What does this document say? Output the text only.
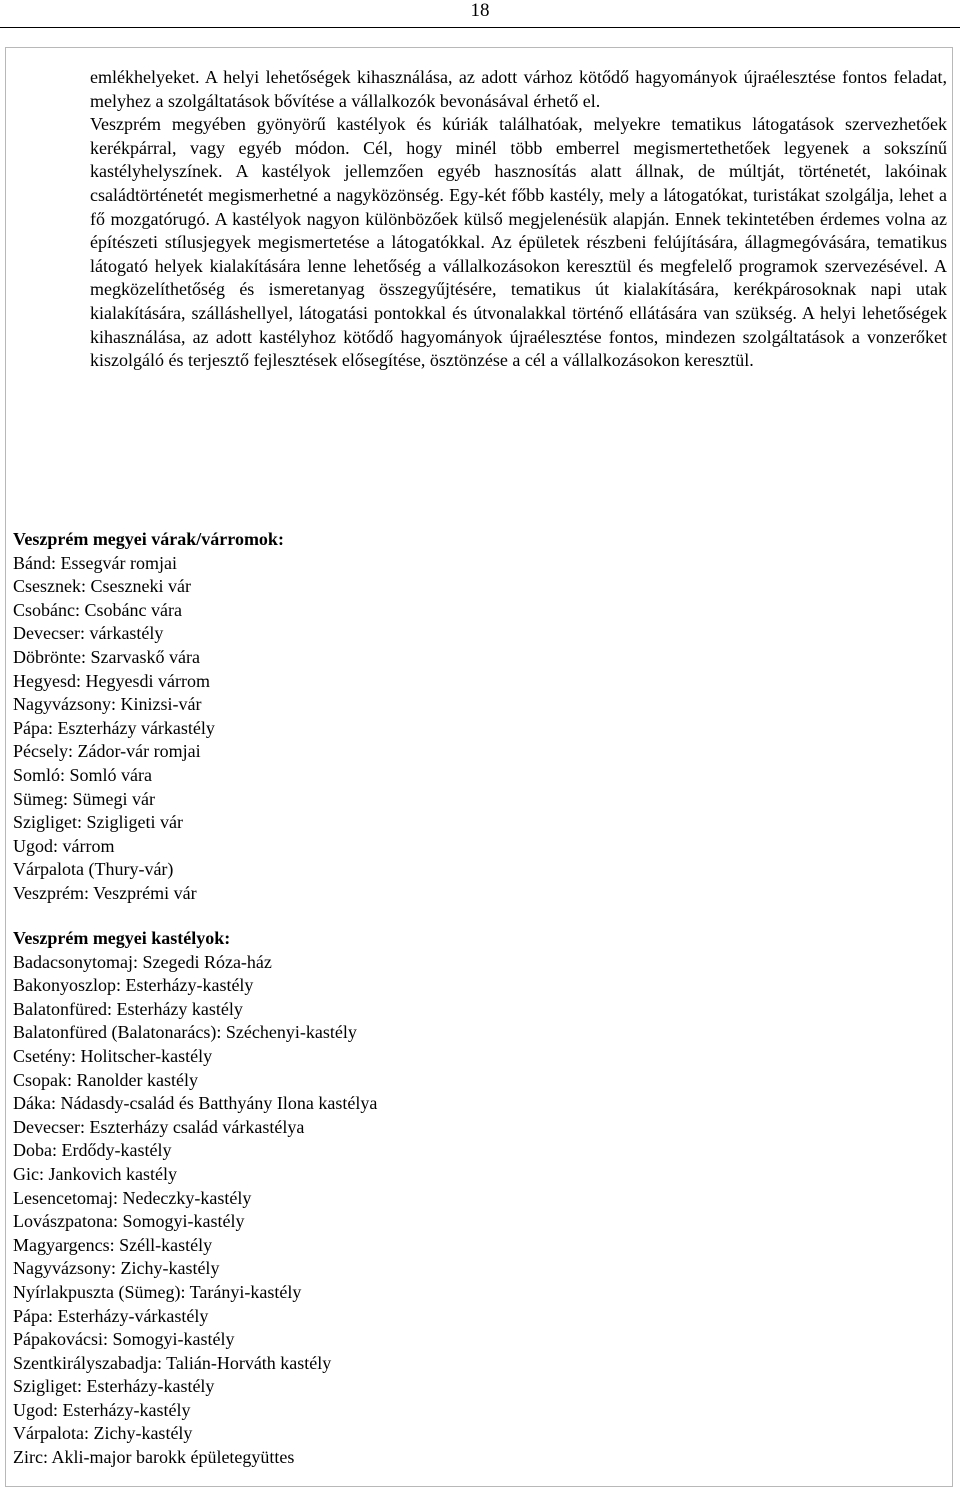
18

emlékhelyeket. A helyi lehetőségek kihasználása, az adott várhoz kötődő hagyományok újraélesztése fontos feladat, melyhez a szolgáltatások bővítése a vállalkozók bevonásával érhető el.

Veszprém megyében gyönyörű kastélyok és kúriák találhatóak, melyekre tematikus látogatások szervezhetőek kerékpárral, vagy egyéb módon. Cél, hogy minél több emberrel megismertethetőek legyenek a sokszínű kastélyhelyszínek. A kastélyok jellemzően egyéb hasznosítás alatt állnak, de múltját, történetét, lakóinak családtörténetét megismerhetné a nagyközönség. Egy-két főbb kastély, mely a látogatókat, turistákat szolgálja, lehet a fő mozgatórugó. A kastélyok nagyon különbözőek külső megjelenésük alapján. Ennek tekintetében érdemes volna az építészeti stílusjegyek megismertetése a látogatókkal. Az épületek részbeni felújítására, állagmegóvására, tematikus látogató helyek kialakítására lenne lehetőség a vállalkozásokon keresztül és megfelelő programok szervezésével. A megközelíthetőség és ismeretanyag összegyűjtésére, tematikus út kialakítására, kerékpárosoknak napi utak kialakítására, szálláshellyel, látogatási pontokkal és útvonalakkal történő ellátására van szükség. A helyi lehetőségek kihasználása, az adott kastélyhoz kötődő hagyományok újraélesztése fontos, mindezen szolgáltatások a vonzerőket kiszolgáló és terjesztő fejlesztések elősegítése, ösztönzése a cél a vállalkozásokon keresztül.

Veszprém megyei várak/várromok:
Bánd: Essegvár romjai
Csesznek: Cseszneki vár
Csobánc: Csobánc vára
Devecser: várkastély
Döbrönte: Szarvaskő vára
Hegyesd: Hegyesdi várrom
Nagyvázsony: Kinizsi-vár
Pápa: Eszterházy várkastély
Pécsely: Zádor-vár romjai
Somló: Somló vára
Sümeg: Sümegi vár
Szigliget: Szigligeti vár
Ugod: várrom
Várpalota (Thury-vár)
Veszprém: Veszprémi vár
Veszprém megyei kastélyok:
Badacsonytomaj: Szegedi Róza-ház
Bakonyoszlop: Esterházy-kastély
Balatonfüred: Esterházy kastély
Balatonfüred (Balatonarács): Széchenyi-kastély
Csetény: Holitscher-kastély
Csopak: Ranolder kastély
Dáka: Nádasdy-család és Batthyány Ilona kastélya
Devecser: Eszterházy család várkastélya
Doba: Erdődy-kastély
Gic: Jankovich kastély
Lesencetomaj: Nedeczky-kastély
Lovászpatona: Somogyi-kastély
Magyargencs: Széll-kastély
Nagyvázsony: Zichy-kastély
Nyírlakpuszta (Sümeg): Tarányi-kastély
Pápa: Esterházy-várkastély
Pápakovácsi: Somogyi-kastély
Szentkirályszabadja: Talián-Horváth kastély
Szigliget: Esterházy-kastély
Ugod: Esterházy-kastély
Várpalota: Zichy-kastély
Zirc: Akli-major barokk épületegyüttes
